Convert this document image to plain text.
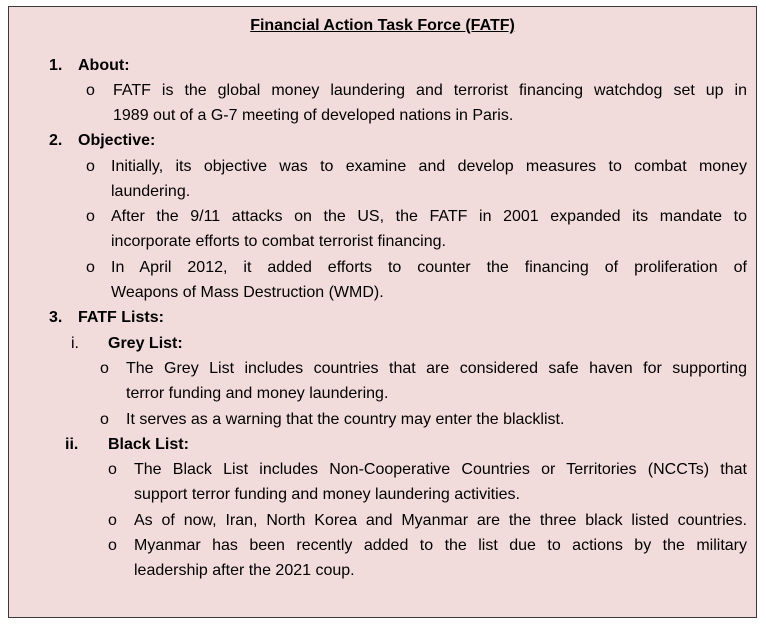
Financial Action Task Force (FATF)
1. About:
o FATF is the global money laundering and terrorist financing watchdog set up in
1989 out of a G-7 meeting of developed nations in Paris.
2. Objective:
o Initially, its objective was to examine and develop measures to combat money
laundering.
o After the 9/11 attacks on the US, the FATF in 2001 expanded its mandate to
incorporate efforts to combat terrorist financing.
o In April 2012, it added efforts to counter the financing of proliferation of
Weapons of Mass Destruction (WMD).
3. FATF Lists:
i. Grey List:
o The Grey List includes countries that are considered safe haven for supporting
terror funding and money laundering.
o It serves as a warning that the country may enter the blacklist.
ii. Black List:
o The Black List includes Non-Cooperative Countries or Territories (NCCTs) that
support terror funding and money laundering activities.
o As of now, Iran, North Korea and Myanmar are the three black listed countries.
o Myanmar has been recently added to the list due to actions by the military
leadership after the 2021 coup.
